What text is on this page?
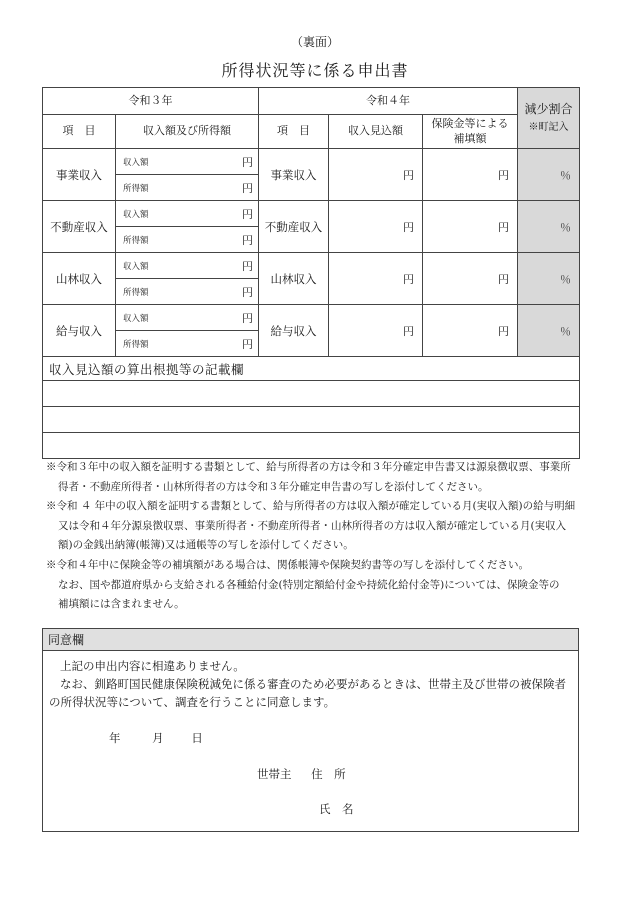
（裏面）
所得状況等に係る申出書
令和３年		令和４年			減少割合
※町記入

項　目	収入額及び所得額	項　目	収入見込額	保険金等による
補填額	

事業収入	収入額 円	事業収入	円	円	％
	所得額 円				

不動産収入	収入額 円	不動産収入	円	円	％
	所得額 円				

山林収入	収入額 円	山林収入	円	円	％
	所得額 円				

給与収入	収入額 円	給与収入	円	円	％
	所得額 円				

収入見込額の算出根拠等の記載欄					

※令和３年中の収入額を証明する書類として、給与所得者の方は令和３年分確定申告書又は源泉徴収票、事業所
得者・不動産所得者・山林所得者の方は令和３年分確定申告書の写しを添付してください。
※令和 ４ 年中の収入額を証明する書類として、給与所得者の方は収入額が確定している月(実収入額)の給与明細
又は令和４年分源泉徴収票、事業所得者・不動産所得者・山林所得者の方は収入額が確定している月(実収入
額)の金銭出納簿(帳簿)又は通帳等の写しを添付してください。
※令和４年中に保険金等の補填額がある場合は、関係帳簿や保険契約書等の写しを添付してください。
なお、国や都道府県から支給される各種給付金(特別定額給付金や持続化給付金等)については、保険金等の
補填額には含まれません。
同意欄
上記の申出内容に相違ありません。
なお、釧路町国民健康保険税減免に係る審査のため必要があるときは、世帯主及び世帯の被保険者の所得状況等について、調査を行うことに同意します。
年	月 日
世帯主 住　所
氏　名
